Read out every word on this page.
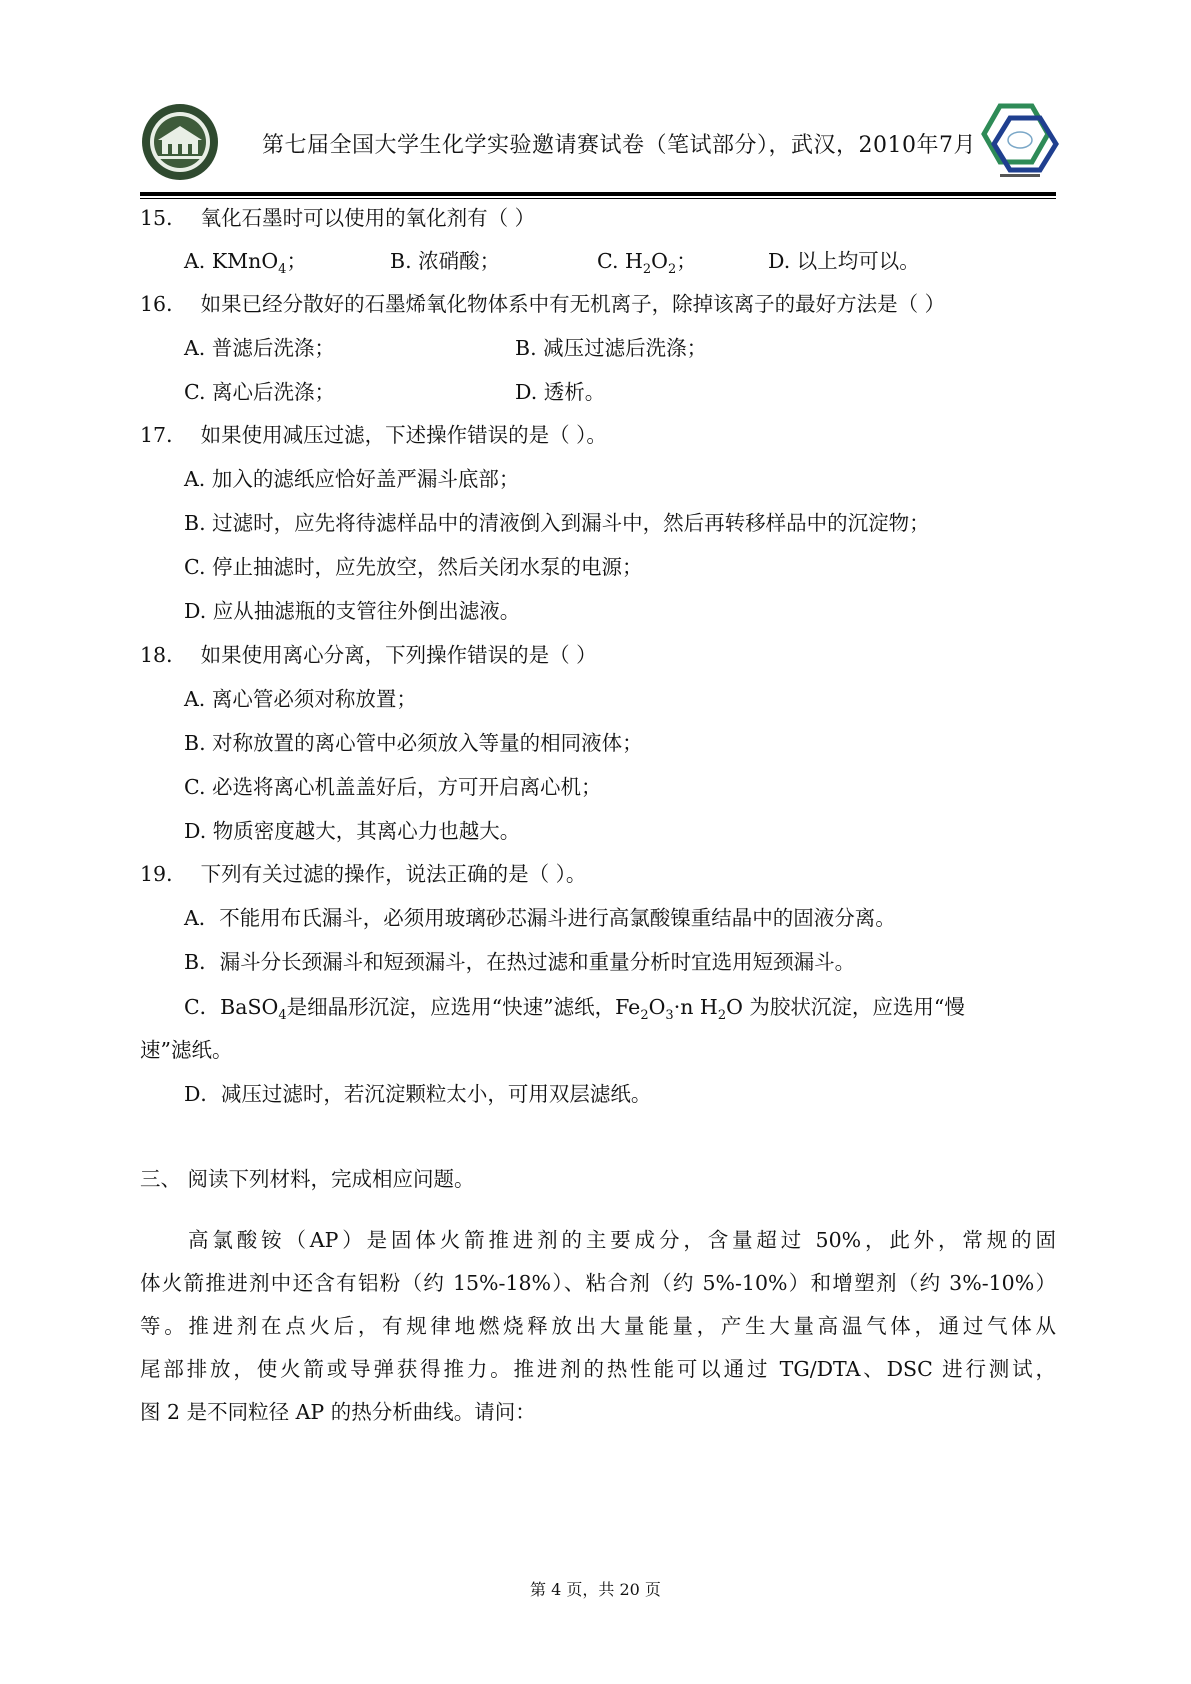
第七届全国大学生化学实验邀请赛试卷（笔试部分），武汉，2010年7月
15． 氧化石墨时可以使用的氧化剂有（ ）
A. KMnO$_4$；	B. 浓硝酸；	C. $H_2O_2$；	D. 以上均可以。
16． 如果已经分散好的石墨烯氧化物体系中有无机离子，除掉该离子的最好方法是（ ）
A. 普滤后洗涤；	B. 减压过滤后洗涤；
C. 离心后洗涤；	D. 透析。
17． 如果使用减压过滤，下述操作错误的是（ ）。
A. 加入的滤纸应恰好盖严漏斗底部；
B. 过滤时，应先将待滤样品中的清液倒入到漏斗中，然后再转移样品中的沉淀物；
C. 停止抽滤时，应先放空，然后关闭水泵的电源；
D. 应从抽滤瓶的支管往外倒出滤液。
18． 如果使用离心分离，下列操作错误的是（ ）
A. 离心管必须对称放置；
B. 对称放置的离心管中必须放入等量的相同液体；
C. 必选将离心机盖盖好后，方可开启离心机；
D. 物质密度越大，其离心力也越大。
19． 下列有关过滤的操作，说法正确的是（ ）。
A．不能用布氏漏斗，必须用玻璃砂芯漏斗进行高氯酸镍重结晶中的固液分离。
B．漏斗分长颈漏斗和短颈漏斗，在热过滤和重量分析时宜选用短颈漏斗。
C．BaSO$_4$是细晶形沉淀，应选用“快速”滤纸，$Fe_2O_3\cdot n$ $H_2O$ 为胶状沉淀，应选用“慢
速”滤纸。
D．减压过滤时，若沉淀颗粒太小，可用双层滤纸。
三、 阅读下列材料，完成相应问题。
高氯酸铵（AP）是固体火箭推进剂的主要成分，含量超过 50%，此外，常规的固
体火箭推进剂中还含有铝粉（约 15%-18%）、粘合剂（约 5%-10%）和增塑剂（约 3%-10%）
等。推进剂在点火后，有规律地燃烧释放出大量能量，产生大量高温气体，通过气体从
尾部排放，使火箭或导弹获得推力。推进剂的热性能可以通过 TG/DTA、DSC 进行测试，
图 2 是不同粒径 AP 的热分析曲线。请问：
第 4 页，共 20 页
